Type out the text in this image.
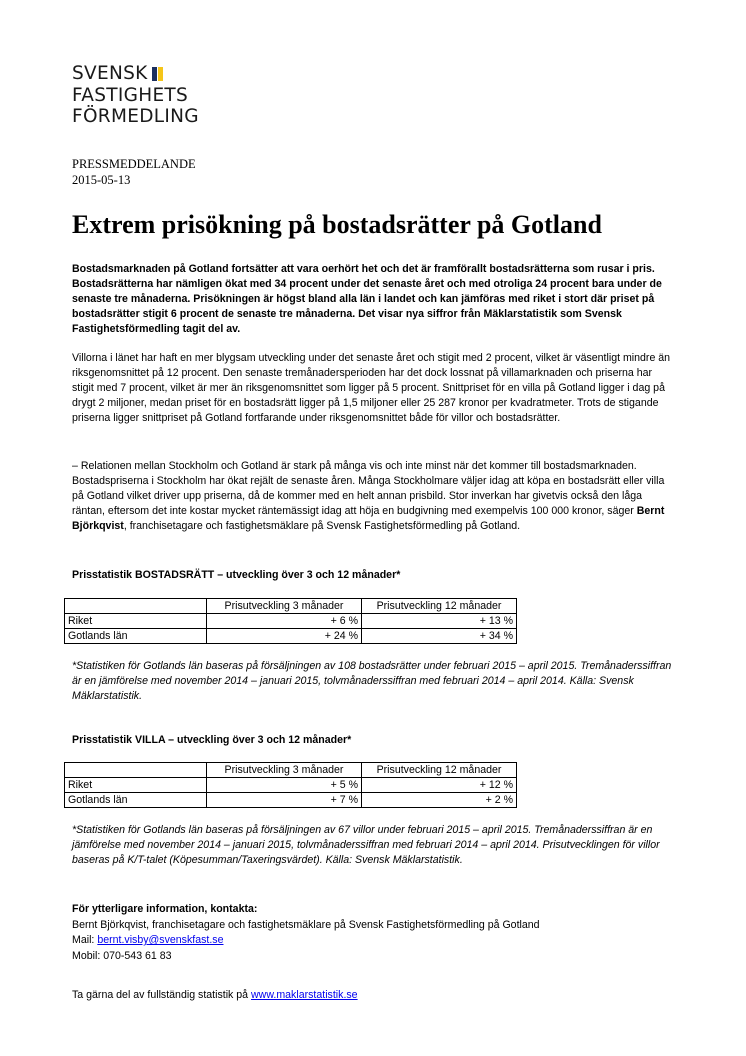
SVENSK
FASTIGHETS
FÖRMEDLING
PRESSMEDDELANDE
2015-05-13
Extrem prisökning på bostadsrätter på Gotland

Bostadsmarknaden på Gotland fortsätter att vara oerhört het och det är framförallt bostadsrätterna som rusar i pris. Bostadsrätterna har nämligen ökat med 34 procent under det senaste året och med otroliga 24 procent bara under de senaste tre månaderna. Prisökningen är högst bland alla län i landet och kan jämföras med riket i stort där priset på bostadsrätter stigit 6 procent de senaste tre månaderna. Det visar nya siffror från Mäklarstatistik som Svensk Fastighetsförmedling tagit del av.

Villorna i länet har haft en mer blygsam utveckling under det senaste året och stigit med 2 procent, vilket är väsentligt mindre än riksgenomsnittet på 12 procent. Den senaste tremånadersperioden har det dock lossnat på villamarknaden och priserna har stigit med 7 procent, vilket är mer än riksgenomsnittet som ligger på 5 procent. Snittpriset för en villa på Gotland ligger i dag på drygt 2 miljoner, medan priset för en bostadsrätt ligger på 1,5 miljoner eller 25 287 kronor per kvadratmeter. Trots de stigande priserna ligger snittpriset på Gotland fortfarande under riksgenomsnittet både för villor och bostadsrätter.

– Relationen mellan Stockholm och Gotland är stark på många vis och inte minst när det kommer till bostadsmarknaden. Bostadspriserna i Stockholm har ökat rejält de senaste åren. Många Stockholmare väljer idag att köpa en bostadsrätt eller villa på Gotland vilket driver upp priserna, då de kommer med en helt annan prisbild. Stor inverkan har givetvis också den låga räntan, eftersom det inte kostar mycket räntemässigt idag att höja en budgivning med exempelvis 100 000 kronor, säger Bernt Björkqvist, franchisetagare och fastighetsmäklare på Svensk Fastighetsförmedling på Gotland.

Prisstatistik BOSTADSRÄTT – utveckling över 3 och 12 månader*
	Prisutveckling 3 månader	Prisutveckling 12 månader
Riket	+ 6 %	+ 13 %
Gotlands län	+ 24 %	+ 34 %

*Statistiken för Gotlands län baseras på försäljningen av 108 bostadsrätter under februari 2015 – april 2015. Tremånaderssiffran är en jämförelse med november 2014 – januari 2015, tolvmånaderssiffran med februari 2014 – april 2014. Källa: Svensk Mäklarstatistik.

Prisstatistik VILLA – utveckling över 3 och 12 månader*
	Prisutveckling 3 månader	Prisutveckling 12 månader
Riket	+ 5 %	+ 12 %
Gotlands län	+ 7 %	+ 2 %

*Statistiken för Gotlands län baseras på försäljningen av 67 villor under februari 2015 – april 2015. Tremånaderssiffran är en jämförelse med november 2014 – januari 2015, tolvmånaderssiffran med februari 2014 – april 2014. Prisutvecklingen för villor baseras på K/T-talet (Köpesumman/Taxeringsvärdet). Källa: Svensk Mäklarstatistik.

För ytterligare information, kontakta:
Bernt Björkqvist, franchisetagare och fastighetsmäklare på Svensk Fastighetsförmedling på Gotland
Mail: bernt.visby@svenskfast.se
Mobil: 070-543 61 83
Ta gärna del av fullständig statistik på www.maklarstatistik.se
